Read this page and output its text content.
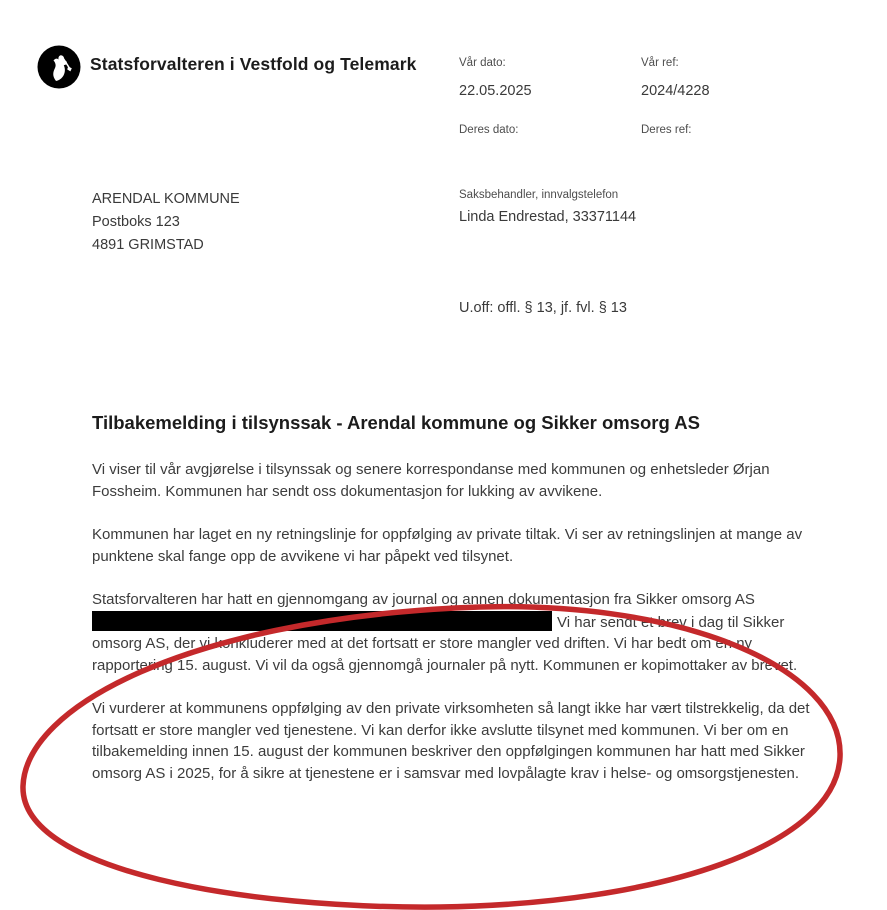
Statsforvalteren i Vestfold og Telemark	Vår dato:
22.05.2025
Vår ref:
2024/4228
Deres dato:	Deres ref:
ARENDAL KOMMUNE
Postboks 123
4891 GRIMSTAD
Saksbehandler, innvalgstelefon
Linda Endrestad, 33371144
U.off: offl. § 13, jf. fvl. § 13
Tilbakemelding i tilsynssak - Arendal kommune og Sikker omsorg AS

Vi viser til vår avgjørelse i tilsynssak og senere korrespondanse med kommunen og enhetsleder Ørjan Fossheim. Kommunen har sendt oss dokumentasjon for lukking av avvikene.

Kommunen har laget en ny retningslinje for oppfølging av private tiltak. Vi ser av retningslinjen at mange av punktene skal fange opp de avvikene vi har påpekt ved tilsynet.

Statsforvalteren har hatt en gjennomgang av journal og annen dokumentasjon fra Sikker omsorg AS
Vi har sendt et brev i dag til Sikker omsorg AS, der vi konkluderer med at det fortsatt er store mangler ved driften. Vi har bedt om en ny rapportering 15. august. Vi vil da også gjennomgå journaler på nytt. Kommunen er kopimottaker av brevet.

Vi vurderer at kommunens oppfølging av den private virksomheten så langt ikke har vært tilstrekkelig, da det fortsatt er store mangler ved tjenestene. Vi kan derfor ikke avslutte tilsynet med kommunen. Vi ber om en tilbakemelding innen 15. august der kommunen beskriver den oppfølgingen kommunen har hatt med Sikker omsorg AS i 2025, for å sikre at tjenestene er i samsvar med lovpålagte krav i helse- og omsorgstjenesten.
